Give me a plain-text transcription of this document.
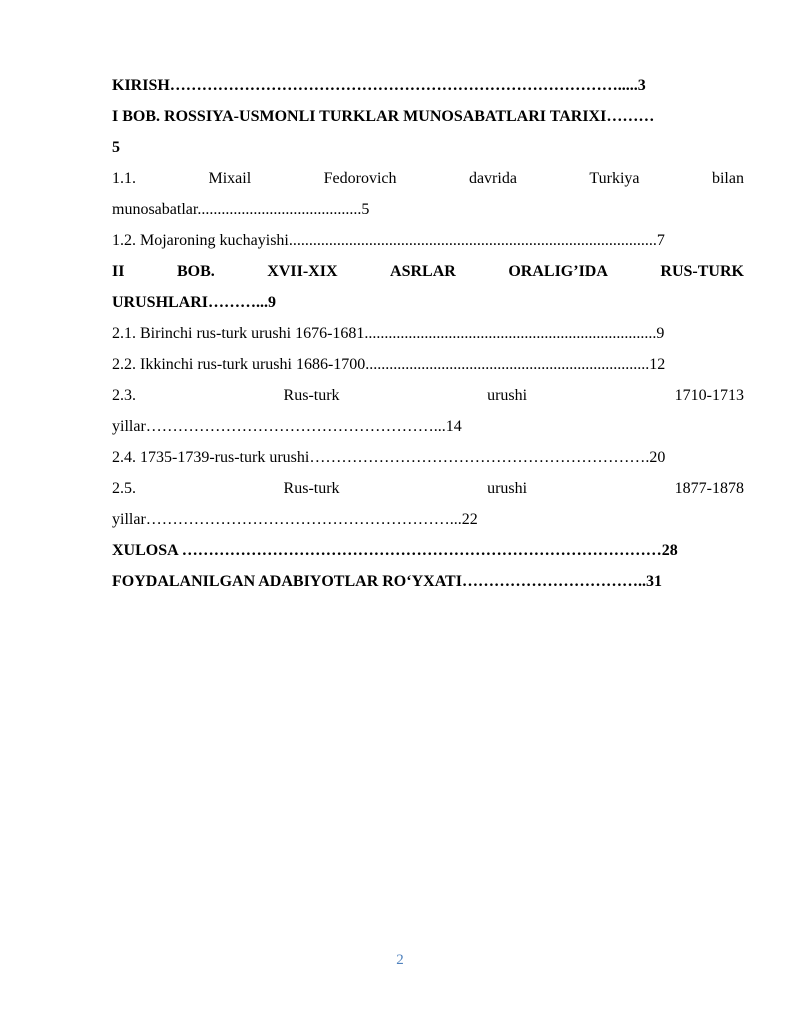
KIRISH………………………………………………………………………….....3
I BOB. ROSSIYA-USMONLI TURKLAR MUNOSABATLARI TARIXI………
5
1.1.	Mixail	Fedorovich	davrida	Turkiya	bilan
munosabatlar.........................................5
1.2. Mojaroning kuchayishi............................................................................................7
II	BOB.	XVII-XIX	ASRLAR	ORALIG’IDA	RUS-TURK
URUSHLARI………...9
2.1. Birinchi rus-turk urushi 1676-1681.........................................................................9
2.2. Ikkinchi rus-turk urushi 1686-1700.......................................................................12
2.3.	Rus-turk	urushi	1710-1713
yillar………………………………………………...14
2.4. 1735-1739-rus-turk urushi……………………………………………………….20
2.5.	Rus-turk	urushi	1877-1878
yillar…………………………………………………...22
XULOSA ………………………………………………………………………………28
FOYDALANILGAN ADABIYOTLAR RO‘YXATI……………………………..31
2
